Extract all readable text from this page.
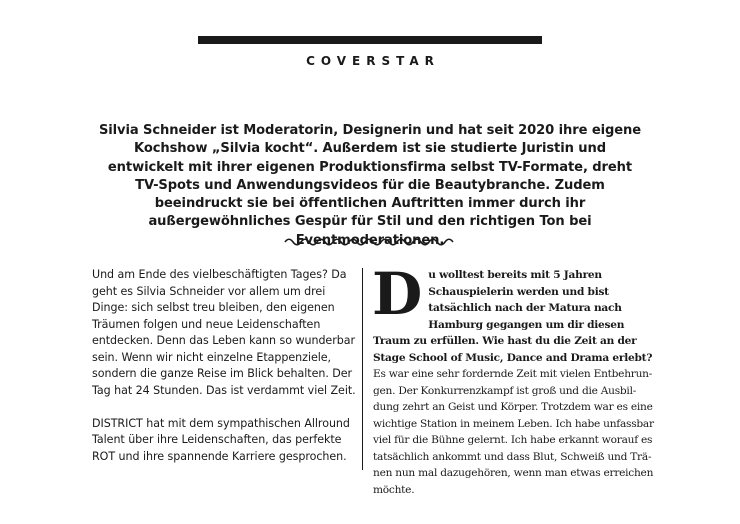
COVERSTAR
Silvia Schneider ist Moderatorin, Designerin und hat seit 2020 ihre eigene Kochshow „Silvia kocht“. Außerdem ist sie studierte Juristin und entwickelt mit ihrer eigenen Produktionsfirma selbst TV-Formate, dreht TV-Spots und Anwendungsvideos für die Beautybranche. Zudem beeindruckt sie bei öffentlichen Auftritten immer durch ihr außergewöhnliches Gespür für Stil und den richtigen Ton bei Eventmoderationen.

Und am Ende des vielbeschäftigten Tages? Da geht es Silvia Schneider vor allem um drei Dinge: sich selbst treu bleiben, den eigenen Träumen folgen und neue Leidenschaften entdecken. Denn das Leben kann so wunderbar sein. Wenn wir nicht einzelne Etappenziele, sondern die ganze Reise im Blick behalten. Der Tag hat 24 Stunden. Das ist verdammt viel Zeit.

DISTRICT hat mit dem sympathischen Allround Talent über ihre Leidenschaften, das perfekte ROT und ihre spannende Karriere gesprochen.

Du wolltest bereits mit 5 Jahren Schauspielerin werden und bist tatsächlich nach der Matura nach Hamburg gegangen um dir diesen Traum zu erfüllen. Wie hast du die Zeit an der Stage School of Music, Dance and Drama erlebt?

Es war eine sehr fordernde Zeit mit vielen Entbehrungen. Der Konkurrenzkampf ist groß und die Ausbildung zehrt an Geist und Körper. Trotzdem war es eine wichtige Station in meinem Leben. Ich habe unfassbar viel für die Bühne gelernt. Ich habe erkannt worauf es tatsächlich ankommt und dass Blut, Schweiß und Tränen nun mal dazugehören, wenn man etwas erreichen möchte.
